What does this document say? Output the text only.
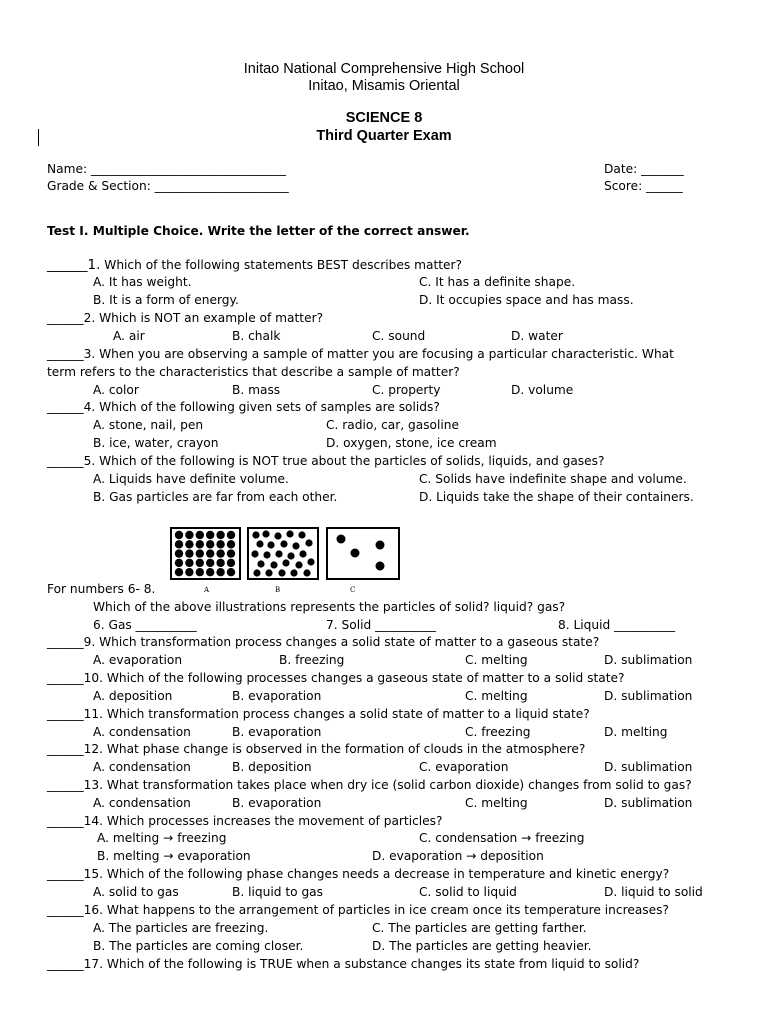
Initao National Comprehensive High School
Initao, Misamis Oriental
SCIENCE 8
Third Quarter Exam
Name: ________________________________	Date: _______
Grade & Section: ______________________	Score: ______
Test I. Multiple Choice. Write the letter of the correct answer.
______1. Which of the following statements BEST describes matter?
A. It has weight.	C. It has a definite shape.
B. It is a form of energy.	D. It occupies space and has mass.
______2. Which is NOT an example of matter?
A. air	B. chalk	C. sound	D. water
______3. When you are observing a sample of matter you are focusing a particular characteristic. What
term refers to the characteristics that describe a sample of matter?
A. color	B. mass	C. property	D. volume
______4. Which of the following given sets of samples are solids?
A. stone, nail, pen	C. radio, car, gasoline
B. ice, water, crayon	D. oxygen, stone, ice cream
______5. Which of the following is NOT true about the particles of solids, liquids, and gases?
A. Liquids have definite volume.	C. Solids have indefinite shape and volume.
B. Gas particles are far from each other.	D. Liquids take the shape of their containers.
A	B	C
For numbers 6- 8.
Which of the above illustrations represents the particles of solid? liquid? gas?
6. Gas __________	7. Solid __________	8. Liquid __________
______9. Which transformation process changes a solid state of matter to a gaseous state?
A. evaporation	B. freezing	C. melting	D. sublimation
______10. Which of the following processes changes a gaseous state of matter to a solid state?
A. deposition	B. evaporation	C. melting	D. sublimation
______11. Which transformation process changes a solid state of matter to a liquid state?
A. condensation	B. evaporation	C. freezing	D. melting
______12. What phase change is observed in the formation of clouds in the atmosphere?
A. condensation	B. deposition	C. evaporation	D. sublimation
______13. What transformation takes place when dry ice (solid carbon dioxide) changes from solid to gas?
A. condensation	B. evaporation	C. melting	D. sublimation
______14. Which processes increases the movement of particles?
A. melting → freezing	C. condensation → freezing
B. melting → evaporation	D. evaporation → deposition
______15. Which of the following phase changes needs a decrease in temperature and kinetic energy?
A. solid to gas	B. liquid to gas	C. solid to liquid	D. liquid to solid
______16. What happens to the arrangement of particles in ice cream once its temperature increases?
A. The particles are freezing.	C. The particles are getting farther.
B. The particles are coming closer.	D. The particles are getting heavier.
______17. Which of the following is TRUE when a substance changes its state from liquid to solid?
